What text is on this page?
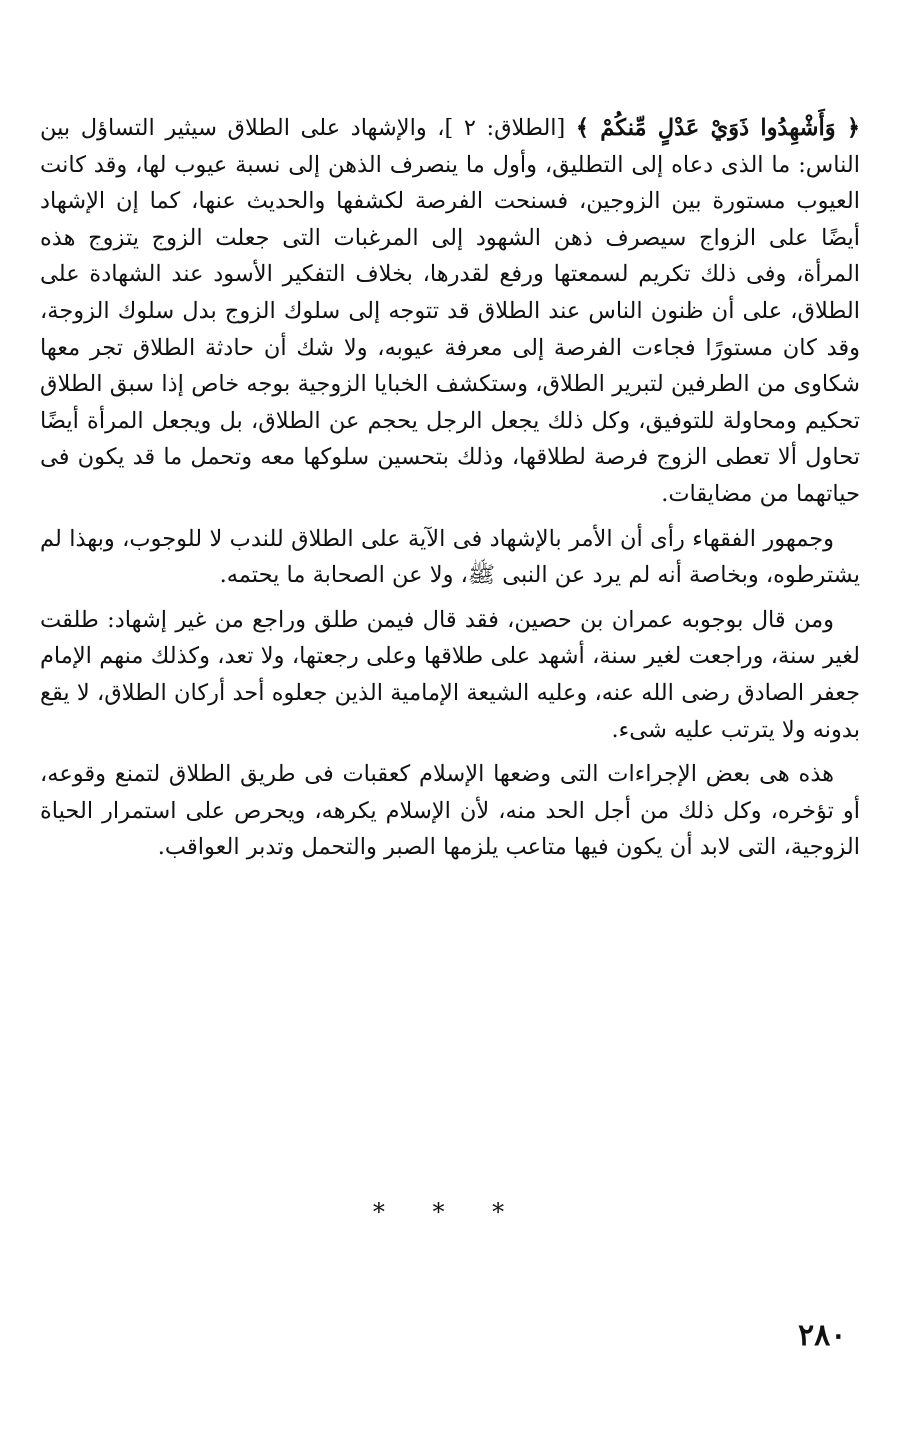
﴿ وَأَشْهِدُوا ذَوَيْ عَدْلٍ مِّنكُمْ ﴾ [الطلاق: ٢ ]، والإشهاد على الطلاق سيثير التساؤل بين الناس: ما الذى دعاه إلى التطليق، وأول ما ينصرف الذهن إلى نسبة عيوب لها، وقد كانت العيوب مستورة بين الزوجين، فسنحت الفرصة لكشفها والحديث عنها، كما إن الإشهاد أيضًا على الزواج سيصرف ذهن الشهود إلى المرغبات التى جعلت الزوج يتزوج هذه المرأة، وفى ذلك تكريم لسمعتها ورفع لقدرها، بخلاف التفكير الأسود عند الشهادة على الطلاق، على أن ظنون الناس عند الطلاق قد تتوجه إلى سلوك الزوج بدل سلوك الزوجة، وقد كان مستورًا فجاءت الفرصة إلى معرفة عيوبه، ولا شك أن حادثة الطلاق تجر معها شكاوى من الطرفين لتبرير الطلاق، وستكشف الخبايا الزوجية بوجه خاص إذا سبق الطلاق تحكيم ومحاولة للتوفيق، وكل ذلك يجعل الرجل يحجم عن الطلاق، بل ويجعل المرأة أيضًا تحاول ألا تعطى الزوج فرصة لطلاقها، وذلك بتحسين سلوكها معه وتحمل ما قد يكون فى حياتهما من مضايقات.

وجمهور الفقهاء رأى أن الأمر بالإشهاد فى الآية على الطلاق للندب لا للوجوب، وبهذا لم يشترطوه، وبخاصة أنه لم يرد عن النبى ﷺ، ولا عن الصحابة ما يحتمه.

ومن قال بوجوبه عمران بن حصين، فقد قال فيمن طلق وراجع من غير إشهاد: طلقت لغير سنة، وراجعت لغير سنة، أشهد على طلاقها وعلى رجعتها، ولا تعد، وكذلك منهم الإمام جعفر الصادق رضى الله عنه، وعليه الشيعة الإمامية الذين جعلوه أحد أركان الطلاق، لا يقع بدونه ولا يترتب عليه شىء.

هذه هى بعض الإجراءات التى وضعها الإسلام كعقبات فى طريق الطلاق لتمنع وقوعه، أو تؤخره، وكل ذلك من أجل الحد منه، لأن الإسلام يكرهه، ويحرص على استمرار الحياة الزوجية، التى لابد أن يكون فيها متاعب يلزمها الصبر والتحمل وتدبر العواقب.

* * *
٢٨٠
